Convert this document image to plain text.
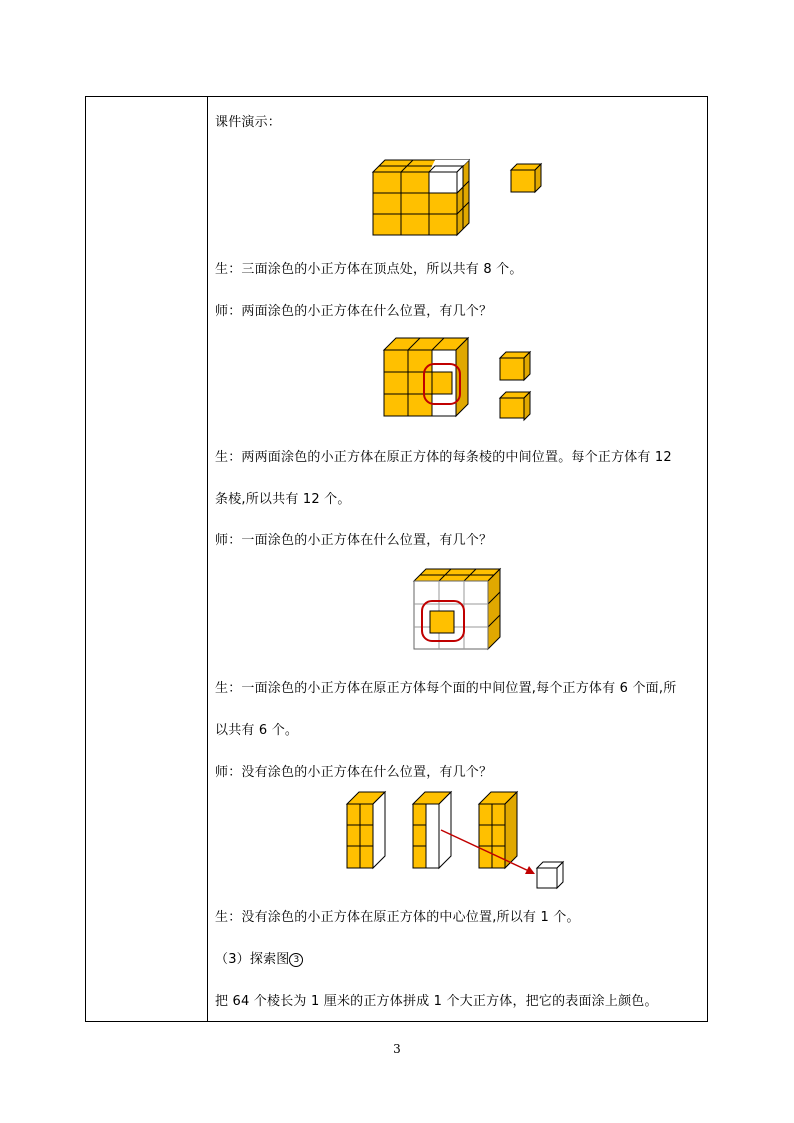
课件演示：
生：三面涂色的小正方体在顶点处，所以共有 8 个。
师：两面涂色的小正方体在什么位置，有几个？
生：两两面涂色的小正方体在原正方体的每条棱的中间位置。每个正方体有 12
条棱,所以共有 12 个。
师：一面涂色的小正方体在什么位置，有几个？
生：一面涂色的小正方体在原正方体每个面的中间位置,每个正方体有 6 个面,所
以共有 6 个。
师：没有涂色的小正方体在什么位置，有几个？
生：没有涂色的小正方体在原正方体的中心位置,所以有 1 个。
（3）探索图 3
把 64 个棱长为 1 厘米的正方体拼成 1 个大正方体，把它的表面涂上颜色。
3
